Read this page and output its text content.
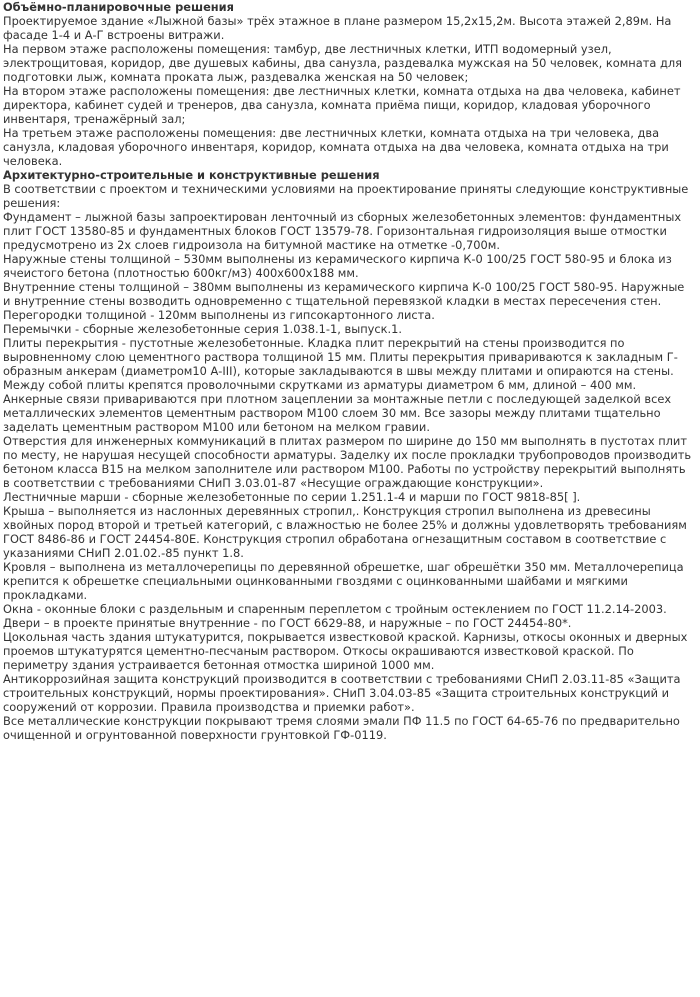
Объёмно-планировочные решения

Проектируемое здание «Лыжной базы» трёх этажное в плане размером 15,2х15,2м. Высота этажей 2,89м. На фасаде 1-4 и А-Г встроены витражи.

На первом этаже расположены помещения: тамбур, две лестничных клетки, ИТП водомерный узел, электрощитовая, коридор, две душевых кабины, два санузла, раздевалка мужская на 50 человек, комната для подготовки лыж, комната проката лыж, раздевалка женская на 50 человек;

На втором этаже расположены помещения: две лестничных клетки, комната отдыха на два человека, кабинет директора, кабинет судей и тренеров, два санузла, комната приёма пищи, коридор, кладовая уборочного инвентаря, тренажёрный зал;

На третьем этаже расположены помещения: две лестничных клетки, комната отдыха на три человека, два санузла, кладовая уборочного инвентаря, коридор, комната отдыха на два человека, комната отдыха на три человека.

Архитектурно-строительные и конструктивные решения

В соответствии с проектом и техническими условиями на проектирование приняты следующие конструктивные решения:

Фундамент – лыжной базы запроектирован ленточный из сборных железобетонных элементов: фундаментных плит ГОСТ 13580-85 и фундаментных блоков ГОСТ 13579-78. Горизонтальная гидроизоляция выше отмостки предусмотрено из 2х слоев гидроизола на битумной мастике на отметке -0,700м.

Наружные стены толщиной – 530мм выполнены из керамического кирпича К-0 100/25 ГОСТ 580-95 и блока из ячеистого бетона (плотностью 600кг/м3) 400х600х188 мм.

Внутренние стены толщиной – 380мм выполнены из керамического кирпича К-0 100/25 ГОСТ 580-95. Наружные и внутренние стены возводить одновременно с тщательной перевязкой кладки в местах пересечения стен.

Перегородки толщиной - 120мм выполнены из гипсокартонного листа.

Перемычки - сборные железобетонные серия 1.038.1-1, выпуск.1.

Плиты перекрытия - пустотные железобетонные. Кладка плит перекрытий на стены производится по выровненному слою цементного раствора толщиной 15 мм. Плиты перекрытия привариваются к закладным Г-образным анкерам (диаметром10 А-III), которые закладываются в швы между плитами и опираются на стены. Между собой плиты крепятся проволочными скрутками из арматуры диаметром 6 мм, длиной – 400 мм.

Анкерные связи привариваются при плотном зацеплении за монтажные петли с последующей заделкой всех металлических элементов цементным раствором М100 слоем 30 мм. Все зазоры между плитами тщательно заделать цементным раствором М100 или бетоном на мелком гравии.

Отверстия для инженерных коммуникаций в плитах размером по ширине до 150 мм выполнять в пустотах плит по месту, не нарушая несущей способности арматуры. Заделку их после прокладки трубопроводов производить бетоном класса В15 на мелком заполнителе или раствором М100. Работы по устройству перекрытий выполнять в соответствии с требованиями СНиП 3.03.01-87 «Несущие ограждающие конструкции».

Лестничные марши - сборные железобетонные по серии 1.251.1-4 и марши по ГОСТ 9818-85[ ].

Крыша – выполняется из наслонных деревянных стропил,. Конструкция стропил выполнена из древесины хвойных пород второй и третьей категорий, с влажностью не более 25% и должны удовлетворять требованиям ГОСТ 8486-86 и ГОСТ 24454-80Е. Конструкция стропил обработана огнезащитным составом в соответствие с указаниями СНиП 2.01.02.-85 пункт 1.8.

Кровля – выполнена из металлочерепицы по деревянной обрешетке, шаг обрешётки 350 мм. Металлочерепица крепится к обрешетке специальными оцинкованными гвоздями с оцинкованными шайбами и мягкими прокладками.

Окна - оконные блоки с раздельным и спаренным переплетом с тройным остеклением по ГОСТ 11.2.14-2003.

Двери – в проекте принятые внутренние - по ГОСТ 6629-88, и наружные – по ГОСТ 24454-80*.

Цокольная часть здания штукатурится, покрывается известковой краской. Карнизы, откосы оконных и дверных проемов штукатурятся цементно-песчаным раствором. Откосы окрашиваются известковой краской. По периметру здания устраивается бетонная отмостка шириной 1000 мм.

Антикоррозийная защита конструкций производится в соответствии с требованиями СНиП 2.03.11-85 «Защита строительных конструкций, нормы проектирования». СНиП 3.04.03-85 «Защита строительных конструкций и сооружений от коррозии. Правила производства и приемки работ».

Все металлические конструкции покрывают тремя слоями эмали ПФ 11.5 по ГОСТ 64-65-76 по предварительно очищенной и огрунтованной поверхности грунтовкой ГФ-0119.
